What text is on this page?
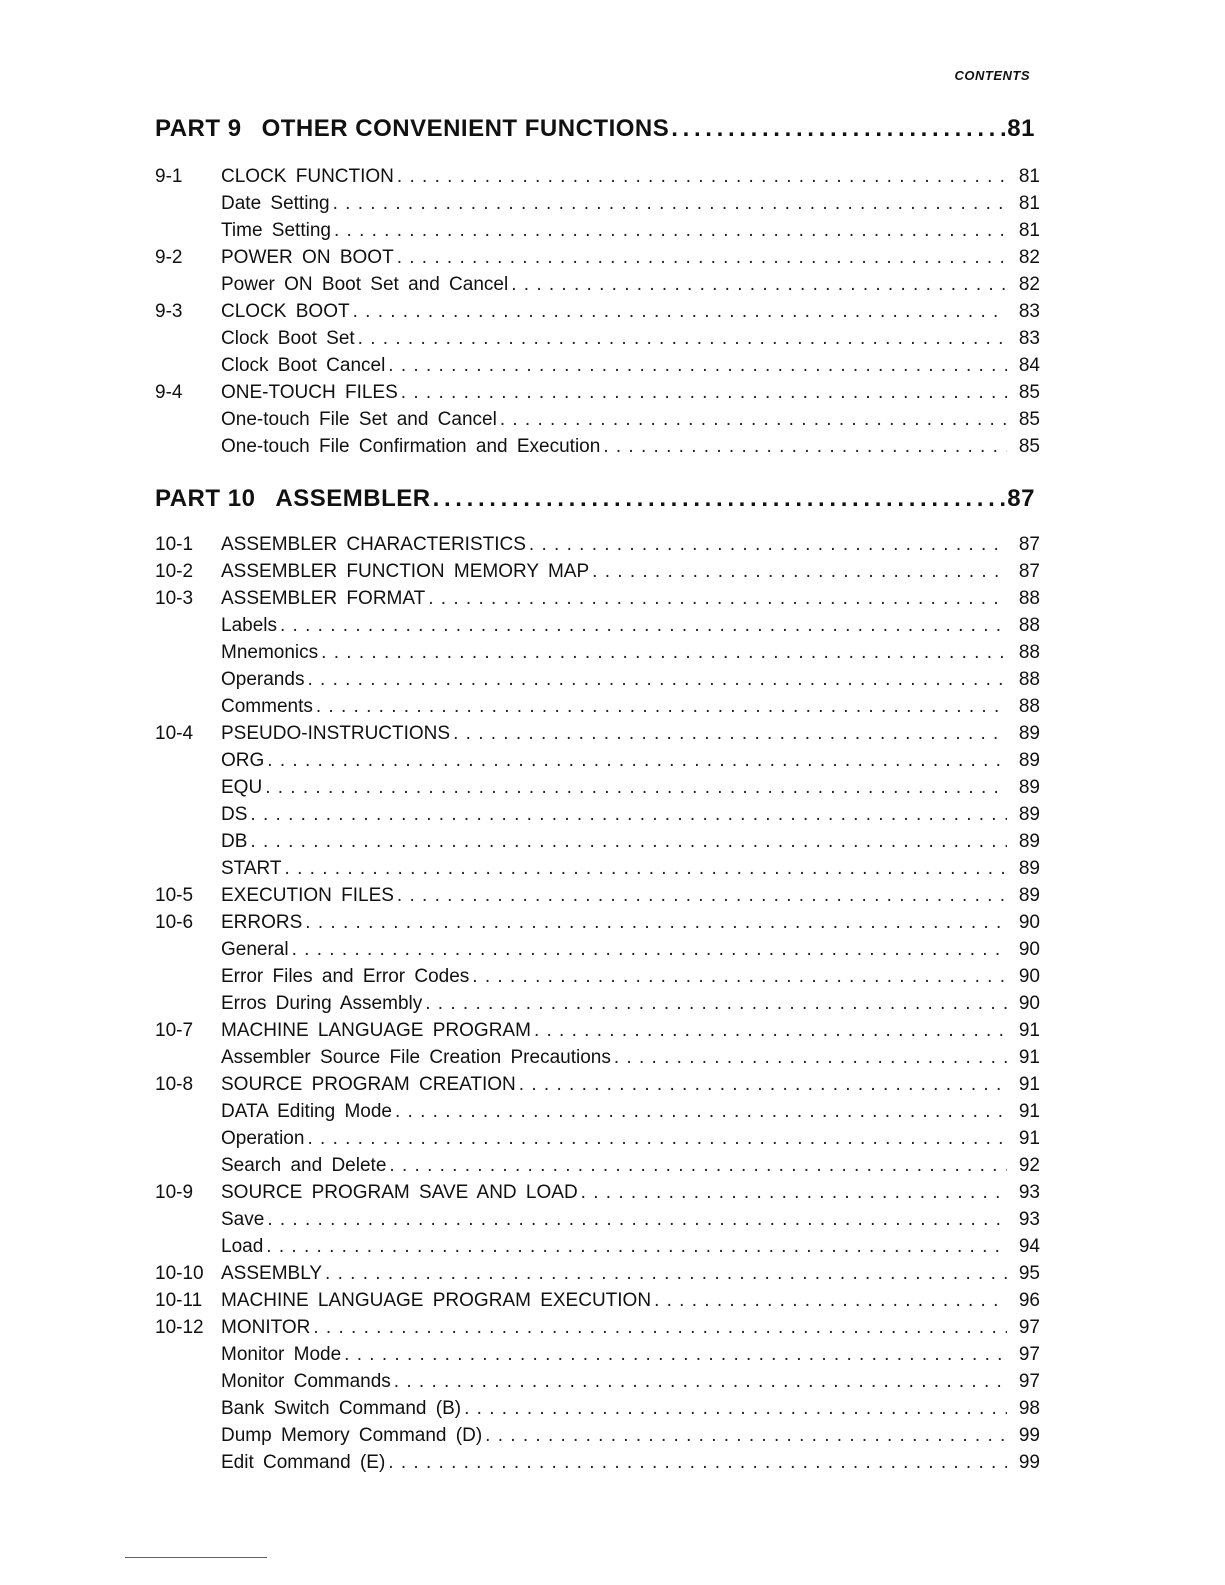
CONTENTS
PART 9 OTHER CONVENIENT FUNCTIONS . . .	81
9-1	CLOCK FUNCTION . . .	81
Date Setting . . .	81
Time Setting . . .	81
9-2	POWER ON BOOT . . .	82
Power ON Boot Set and Cancel . . .	82
9-3	CLOCK BOOT . . .	83
Clock Boot Set . . .	83
Clock Boot Cancel . . .	84
9-4	ONE-TOUCH FILES . . .	85
One-touch File Set and Cancel . . .	85
One-touch File Confirmation and Execution . . .	85
PART 10 ASSEMBLER . . .	87
10-1	ASSEMBLER CHARACTERISTICS . . .	87
10-2	ASSEMBLER FUNCTION MEMORY MAP . . .	87
10-3	ASSEMBLER FORMAT . . .	88
Labels . . .	88
Mnemonics . . .	88
Operands . . .	88
Comments . . .	88
10-4	PSEUDO-INSTRUCTIONS . . .	89
ORG . . .	89
EQU . . .	89
DS . . .	89
DB . . .	89
START . . .	89
10-5	EXECUTION FILES . . .	89
10-6	ERRORS . . .	90
General . . .	90
Error Files and Error Codes . . .	90
Erros During Assembly . . .	90
10-7	MACHINE LANGUAGE PROGRAM . . .	91
Assembler Source File Creation Precautions . . .	91
10-8	SOURCE PROGRAM CREATION . . .	91
DATA Editing Mode . . .	91
Operation . . .	91
Search and Delete . . .	92
10-9	SOURCE PROGRAM SAVE AND LOAD . . .	93
Save . . .	93
Load . . .	94
10-10 ASSEMBLY . . .	95
10-11 MACHINE LANGUAGE PROGRAM EXECUTION . . .	96
10-12 MONITOR . . .	97
Monitor Mode . . .	97
Monitor Commands . . .	97
Bank Switch Command (B) . . .	98
Dump Memory Command (D) . . .	99
Edit Command (E) . . .	99
